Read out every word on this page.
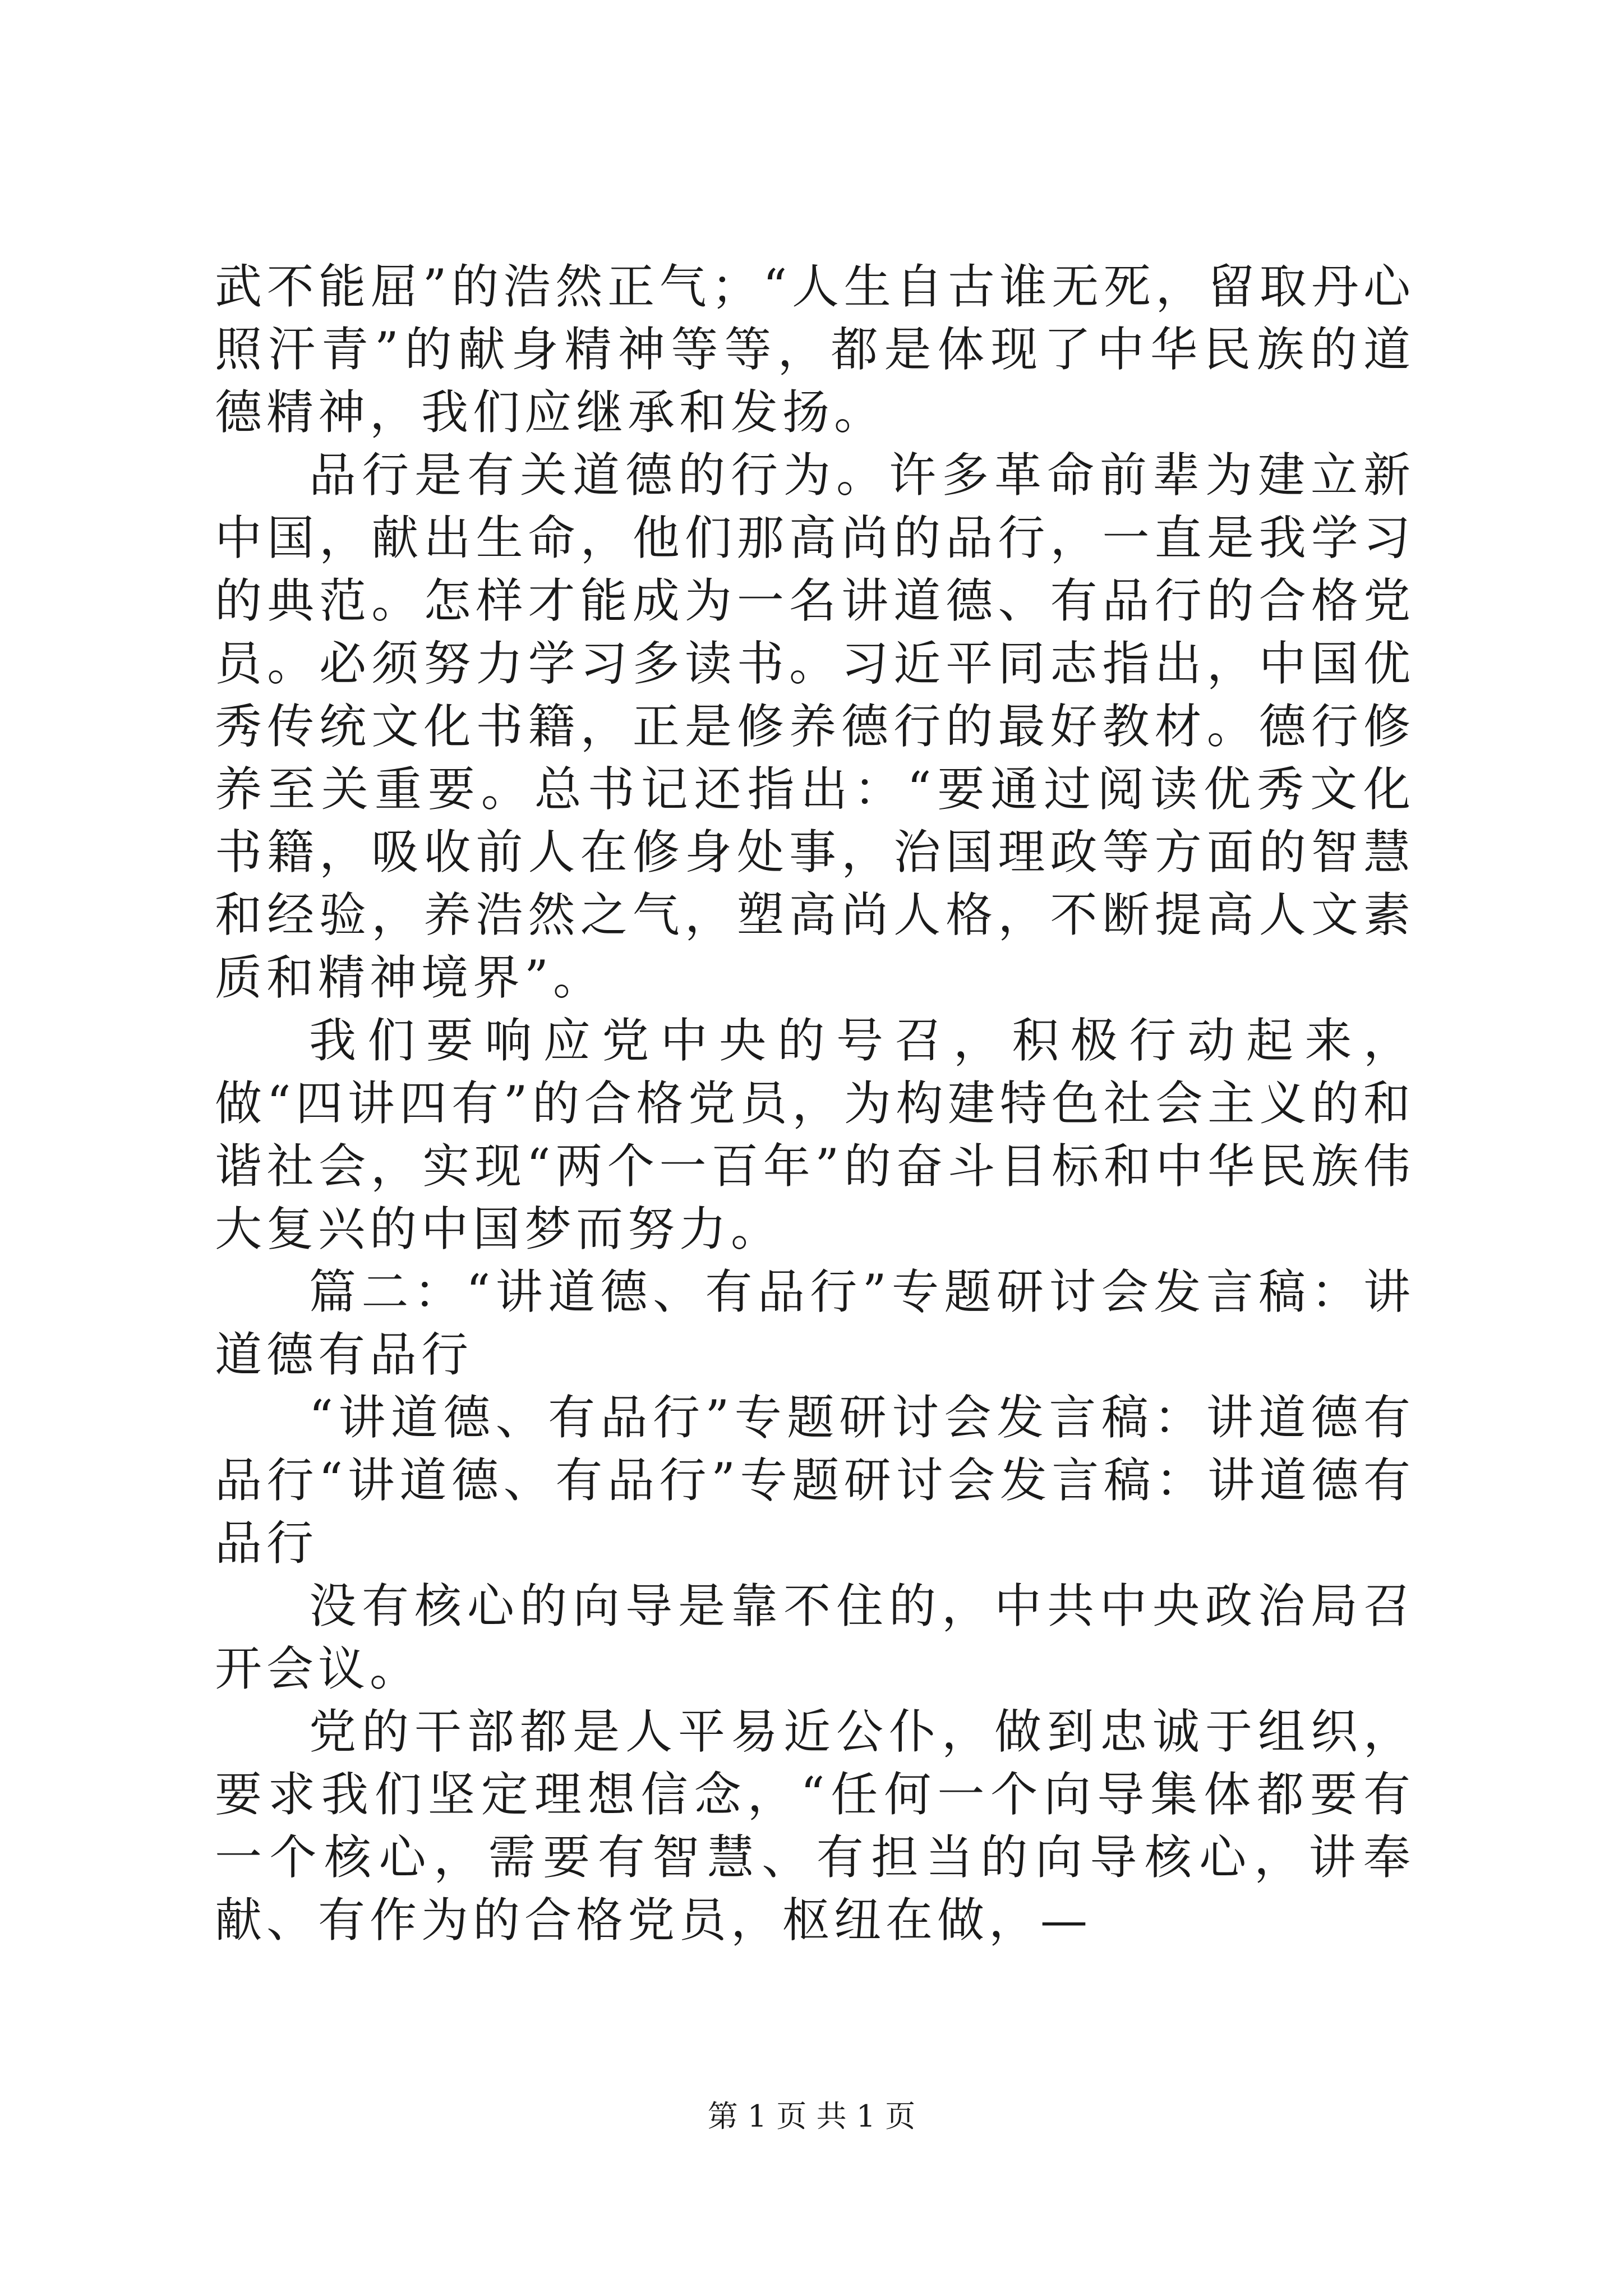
武不能屈”的浩然正气；“人生自古谁无死，留取丹心照汗青”的献身精神等等，都是体现了中华民族的道德精神，我们应继承和发扬。

品行是有关道德的行为。许多革命前辈为建立新中国，献出生命，他们那高尚的品行，一直是我学习的典范。怎样才能成为一名讲道德、有品行的合格党员。必须努力学习多读书。习近平同志指出，中国优秀传统文化书籍，正是修养德行的最好教材。德行修养至关重要。总书记还指出：“要通过阅读优秀文化书籍，吸收前人在修身处事，治国理政等方面的智慧和经验，养浩然之气，塑高尚人格，不断提高人文素质和精神境界”。

我们要响应党中央的号召，积极行动起来，做“四讲四有”的合格党员，为构建特色社会主义的和谐社会，实现“两个一百年”的奋斗目标和中华民族伟大复兴的中国梦而努力。

篇二：“讲道德、有品行”专题研讨会发言稿：讲道德有品行

“讲道德、有品行”专题研讨会发言稿：讲道德有品行“讲道德、有品行”专题研讨会发言稿：讲道德有品行

没有核心的向导是靠不住的，中共中央政治局召开会议。

党的干部都是人平易近公仆，做到忠诚于组织，要求我们坚定理想信念，“任何一个向导集体都要有一个核心，需要有智慧、有担当的向导核心，讲奉献、有作为的合格党员，枢纽在做，—

第 1 页 共 1 页
